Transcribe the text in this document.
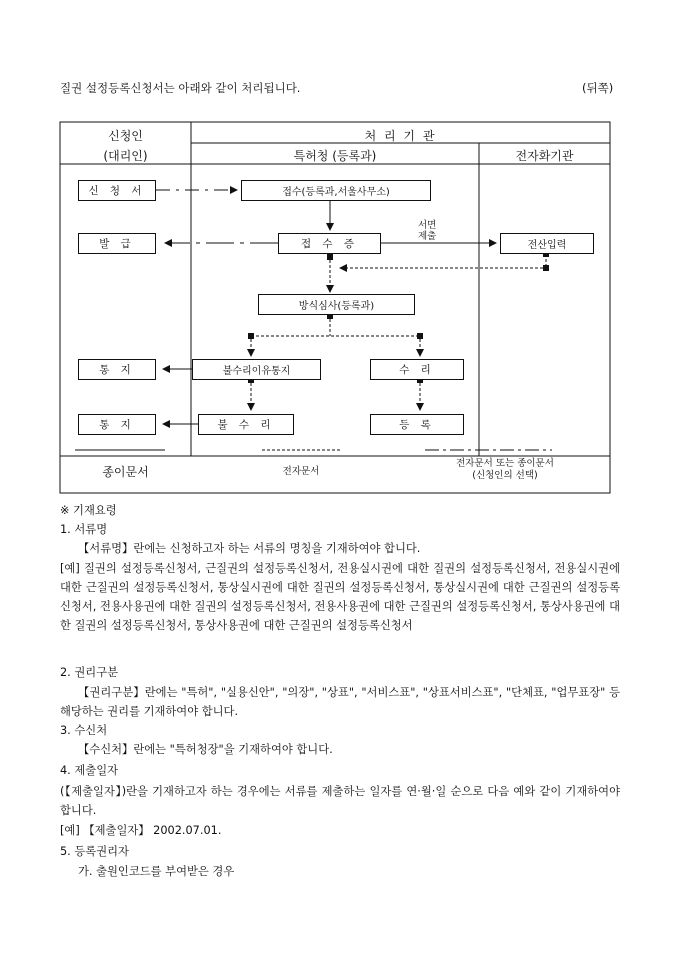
질권 설정등록신청서는 아래와 같이 처리됩니다.	(뒤쪽)
신청인
(대리인)
처 리 기 관
특허청 (등록과)	전자화기관
신 청 서
발 급
통 지
통 지
접수(등록과,서울사무소)
접 수 증
방식심사(등록과)
불수리이유통지
불 수 리
수 리
등 록
전산입력
서면
제출
종이문서	전자문서
전자문서 또는 종이문서
(신청인의 선택)
※ 기재요령
1. 서류명
【서류명】란에는 신청하고자 하는 서류의 명칭을 기재하여야 합니다.
[예] 질권의 설정등록신청서, 근질권의 설정등록신청서, 전용실시권에 대한 질권의 설정등록신청서, 전용실시권에 대한 근질권의 설정등록신청서, 통상실시권에 대한 질권의 설정등록신청서, 통상실시권에 대한 근질권의 설정등록신청서, 전용사용권에 대한 질권의 설정등록신청서, 전용사용권에 대한 근질권의 설정등록신청서, 통상사용권에 대한 질권의 설정등록신청서, 통상사용권에 대한 근질권의 설정등록신청서
2. 권리구분
【권리구분】란에는 "특허", "실용신안", "의장", "상표", "서비스표", "상표서비스표", "단체표, "업무표장" 등 해당하는 권리를 기재하여야 합니다.
3. 수신처
【수신처】란에는 "특허청장"을 기재하여야 합니다.
4. 제출일자
(【제출일자】)란을 기재하고자 하는 경우에는 서류를 제출하는 일자를 연·월·일 순으로 다음 예와 같이 기재하여야 합니다.
[예] 【제출일자】 2002.07.01.
5. 등록권리자
가. 출원인코드를 부여받은 경우
